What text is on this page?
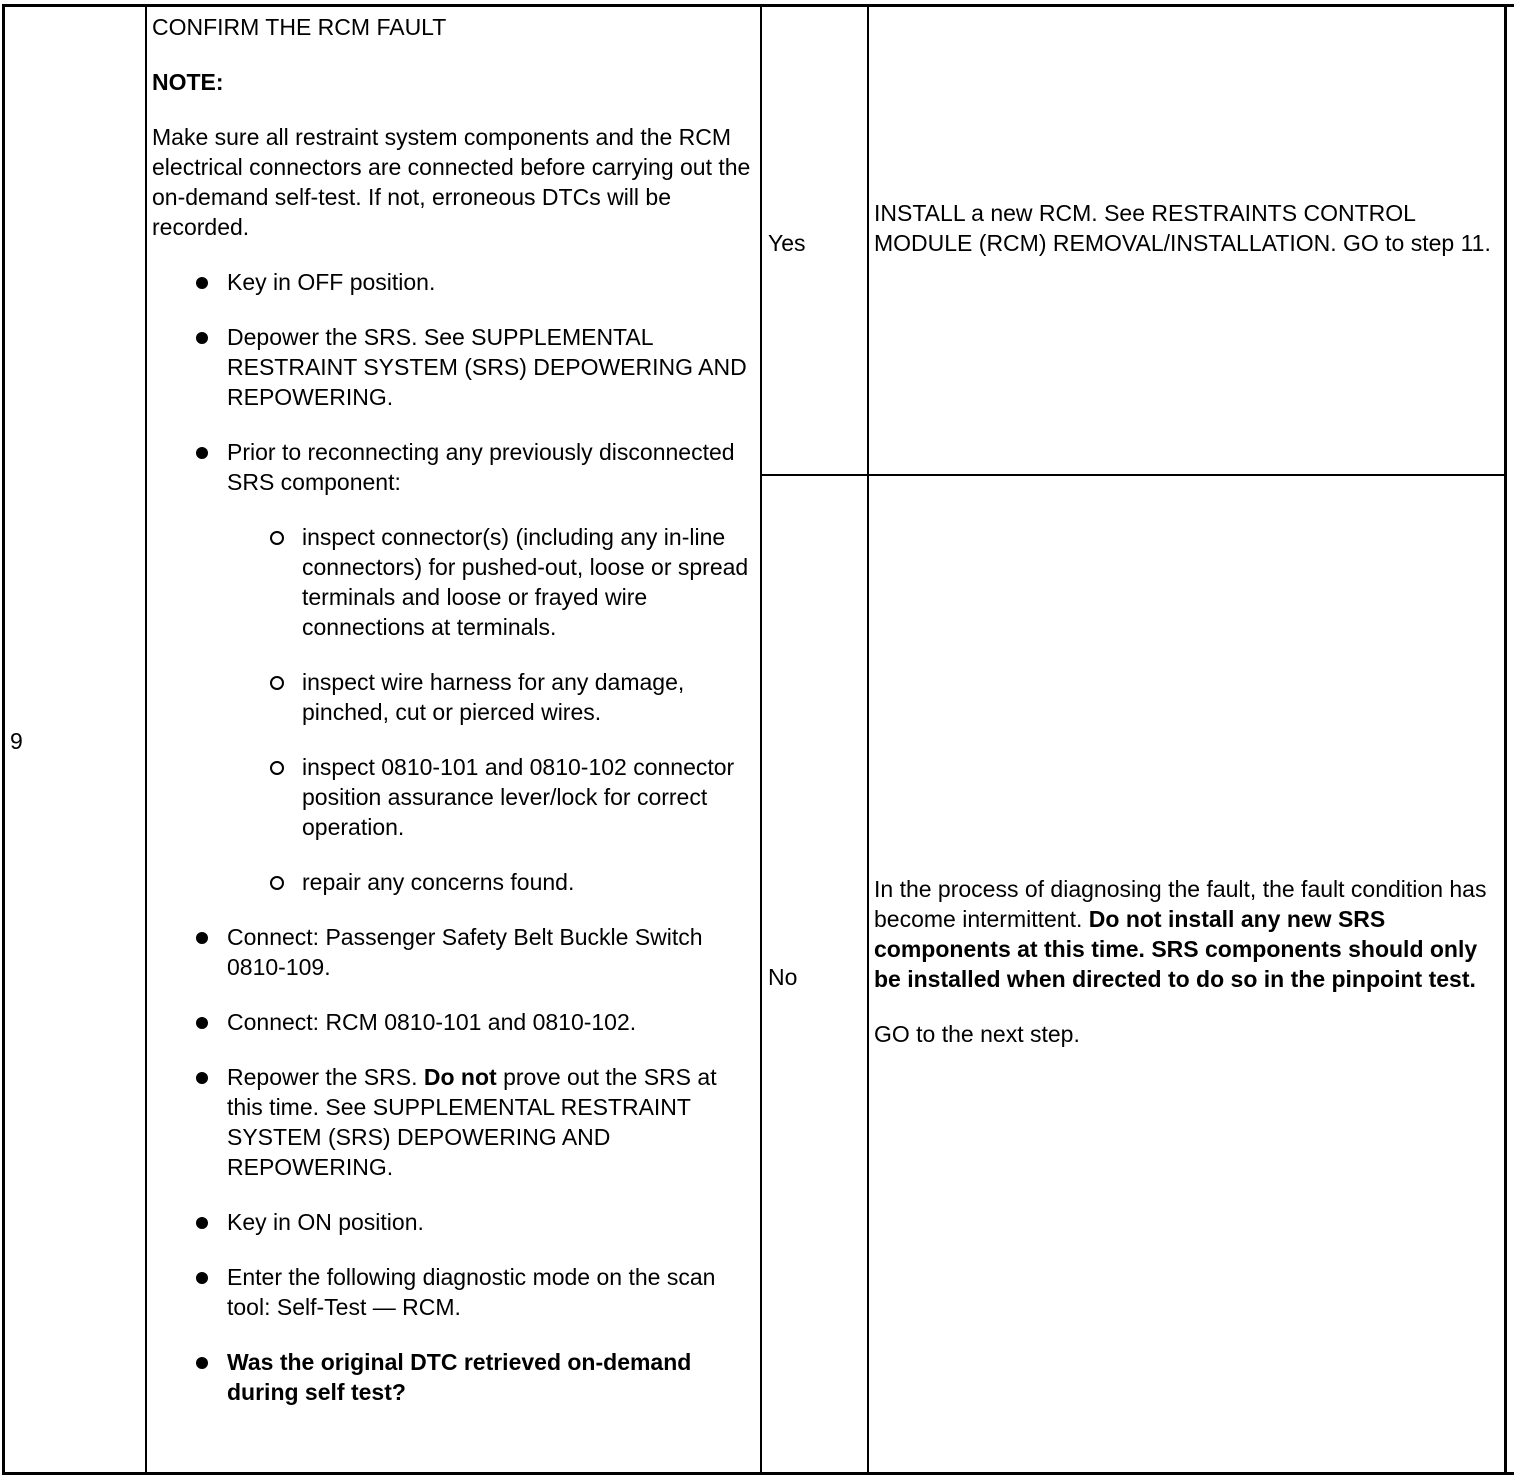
9

CONFIRM THE RCM FAULT

NOTE:

Make sure all restraint system components and the RCM electrical connectors are connected before carrying out the on-demand self-test. If not, erroneous DTCs will be recorded.

Key in OFF position.
Depower the SRS. See SUPPLEMENTAL RESTRAINT SYSTEM (SRS) DEPOWERING AND REPOWERING.
Prior to reconnecting any previously disconnected SRS component:
inspect connector(s) (including any in-line connectors) for pushed-out, loose or spread terminals and loose or frayed wire connections at terminals.
inspect wire harness for any damage, pinched, cut or pierced wires.
inspect 0810-101 and 0810-102 connector position assurance lever/lock for correct operation.
repair any concerns found.
Connect: Passenger Safety Belt Buckle Switch 0810-109.
Connect: RCM 0810-101 and 0810-102.
Repower the SRS. Do not prove out the SRS at this time. See SUPPLEMENTAL RESTRAINT SYSTEM (SRS) DEPOWERING AND REPOWERING.
Key in ON position.
Enter the following diagnostic mode on the scan tool: Self-Test — RCM.
Was the original DTC retrieved on-demand during self test?
Yes
INSTALL a new RCM. See RESTRAINTS CONTROL MODULE (RCM) REMOVAL/INSTALLATION. GO to step 11.
No

In the process of diagnosing the fault, the fault condition has become intermittent. Do not install any new SRS components at this time. SRS components should only be installed when directed to do so in the pinpoint test.

GO to the next step.
